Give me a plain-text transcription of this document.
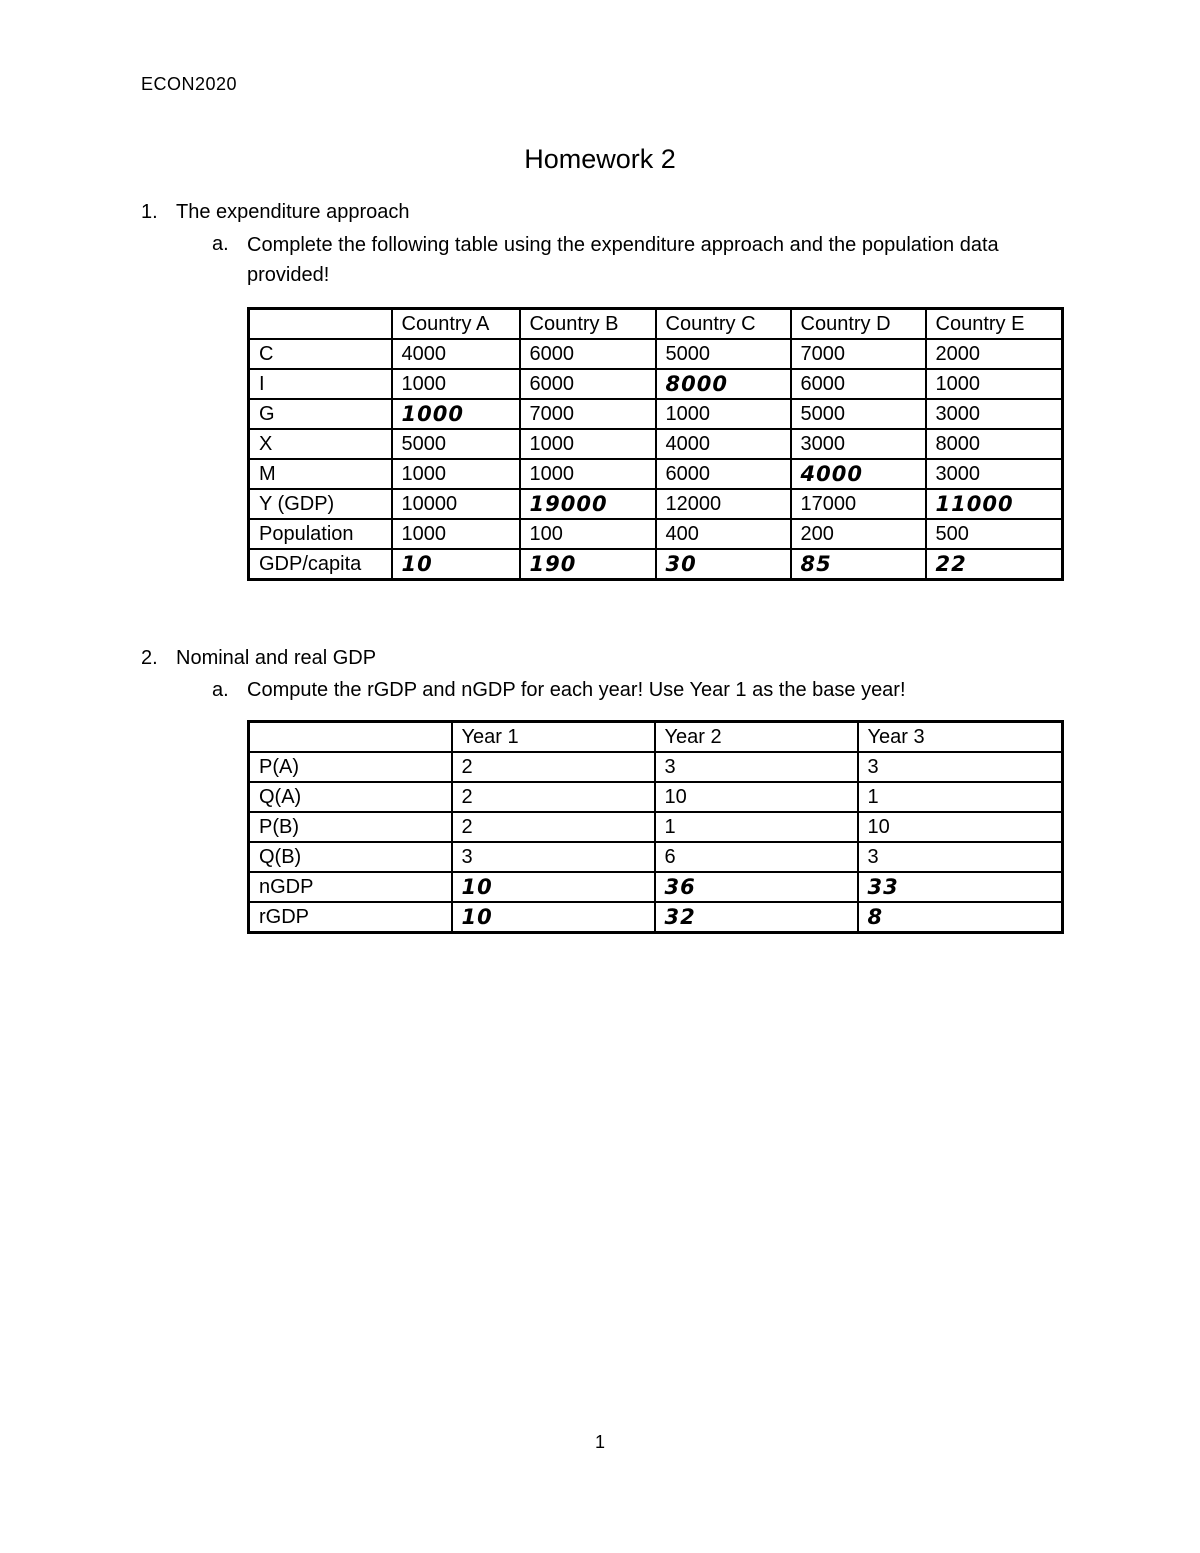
ECON2020
Homework 2
1. The expenditure approach
a. Complete the following table using the expenditure approach and the population data provided!
	Country A	Country B	Country C	Country D	Country E
C	4000	6000	5000	7000	2000
I	1000	6000	8000	6000	1000
G	1000	7000	1000	5000	3000
X	5000	1000	4000	3000	8000
M	1000	1000	6000	4000	3000
Y (GDP)	10000	19000	12000	17000	11000
Population	1000	100	400	200	500
GDP/capita	10	190	30	85	22
2. Nominal and real GDP
a. Compute the rGDP and nGDP for each year! Use Year 1 as the base year!
	Year 1	Year 2	Year 3
P(A)	2	3	3
Q(A)	2	10	1
P(B)	2	1	10
Q(B)	3	6	3
nGDP	10	36	33
rGDP	10	32	8
1
